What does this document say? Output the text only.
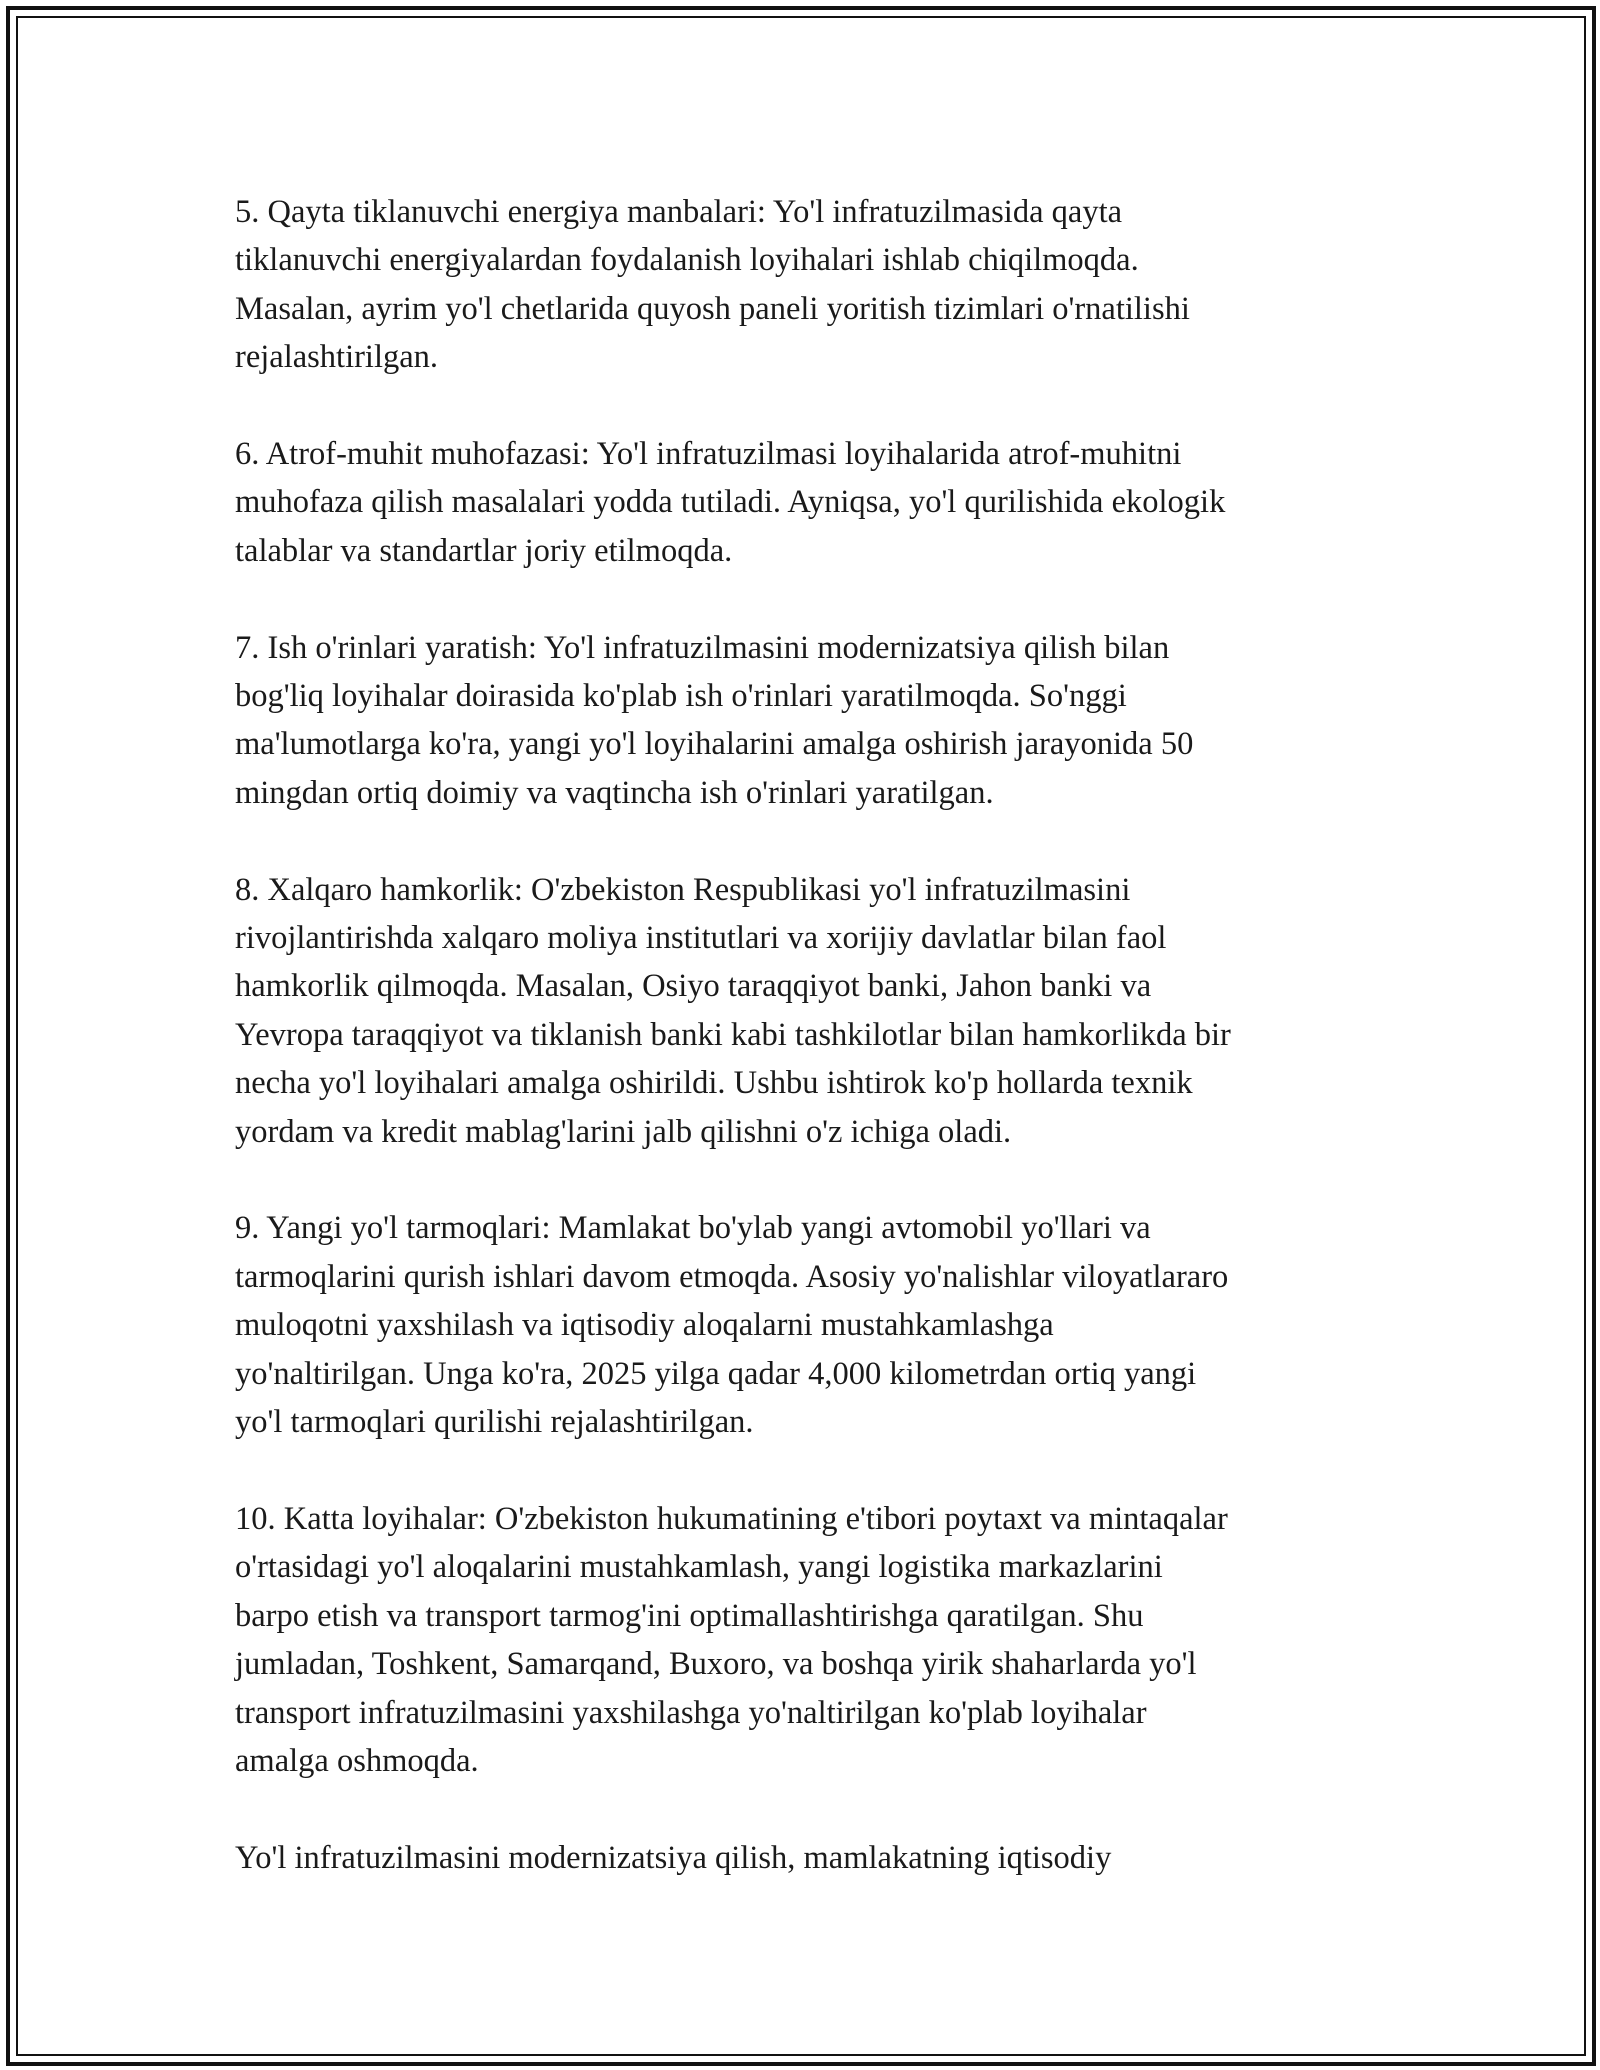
5. Qayta tiklanuvchi energiya manbalari: Yo'l infratuzilmasida qayta
tiklanuvchi energiyalardan foydalanish loyihalari ishlab chiqilmoqda.
Masalan, ayrim yo'l chetlarida quyosh paneli yoritish tizimlari o'rnatilishi
rejalashtirilgan.

6. Atrof-muhit muhofazasi: Yo'l infratuzilmasi loyihalarida atrof-muhitni
muhofaza qilish masalalari yodda tutiladi. Ayniqsa, yo'l qurilishida ekologik
talablar va standartlar joriy etilmoqda.

7. Ish o'rinlari yaratish: Yo'l infratuzilmasini modernizatsiya qilish bilan
bog'liq loyihalar doirasida ko'plab ish o'rinlari yaratilmoqda. So'nggi
ma'lumotlarga ko'ra, yangi yo'l loyihalarini amalga oshirish jarayonida 50
mingdan ortiq doimiy va vaqtincha ish o'rinlari yaratilgan.

8. Xalqaro hamkorlik: O'zbekiston Respublikasi yo'l infratuzilmasini
rivojlantirishda xalqaro moliya institutlari va xorijiy davlatlar bilan faol
hamkorlik qilmoqda. Masalan, Osiyo taraqqiyot banki, Jahon banki va
Yevropa taraqqiyot va tiklanish banki kabi tashkilotlar bilan hamkorlikda bir
necha yo'l loyihalari amalga oshirildi. Ushbu ishtirok ko'p hollarda texnik
yordam va kredit mablag'larini jalb qilishni o'z ichiga oladi.

9. Yangi yo'l tarmoqlari: Mamlakat bo'ylab yangi avtomobil yo'llari va
tarmoqlarini qurish ishlari davom etmoqda. Asosiy yo'nalishlar viloyatlararo
muloqotni yaxshilash va iqtisodiy aloqalarni mustahkamlashga
yo'naltirilgan. Unga ko'ra, 2025 yilga qadar 4,000 kilometrdan ortiq yangi
yo'l tarmoqlari qurilishi rejalashtirilgan.

10. Katta loyihalar: O'zbekiston hukumatining e'tibori poytaxt va mintaqalar
o'rtasidagi yo'l aloqalarini mustahkamlash, yangi logistika markazlarini
barpo etish va transport tarmog'ini optimallashtirishga qaratilgan. Shu
jumladan, Toshkent, Samarqand, Buxoro, va boshqa yirik shaharlarda yo'l
transport infratuzilmasini yaxshilashga yo'naltirilgan ko'plab loyihalar
amalga oshmoqda.

Yo'l infratuzilmasini modernizatsiya qilish, mamlakatning iqtisodiy
